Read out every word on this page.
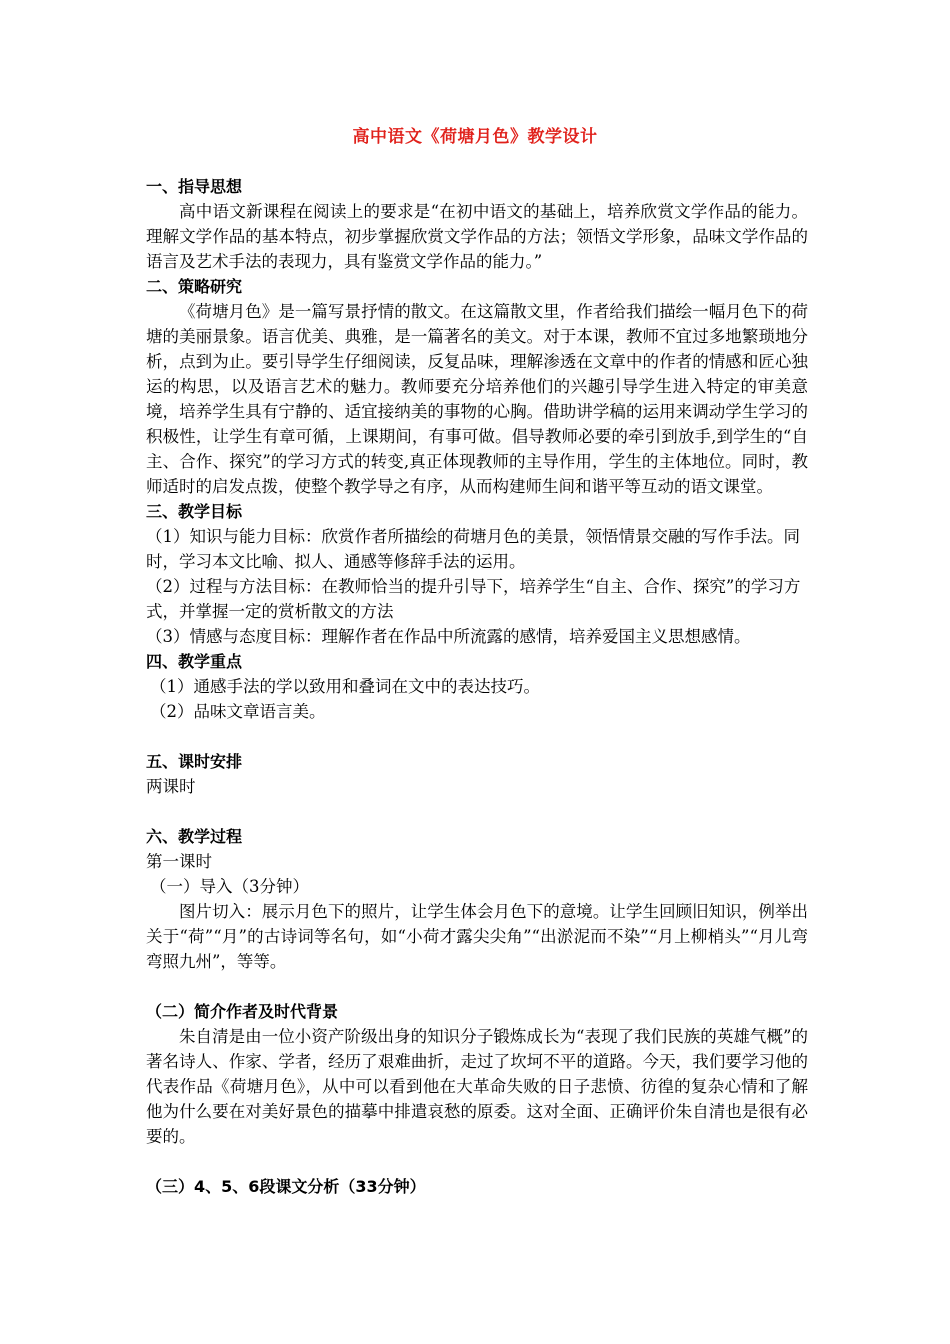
高中语文《荷塘月色》教学设计
一、指导思想
高中语文新课程在阅读上的要求是“在初中语文的基础上，培养欣赏文学作品的能力。理解文学作品的基本特点，初步掌握欣赏文学作品的方法；领悟文学形象，品味文学作品的语言及艺术手法的表现力，具有鉴赏文学作品的能力。”
二、策略研究
《荷塘月色》是一篇写景抒情的散文。在这篇散文里，作者给我们描绘一幅月色下的荷塘的美丽景象。语言优美、典雅，是一篇著名的美文。对于本课，教师不宜过多地繁琐地分析，点到为止。要引导学生仔细阅读，反复品味，理解渗透在文章中的作者的情感和匠心独运的构思，以及语言艺术的魅力。教师要充分培养他们的兴趣引导学生进入特定的审美意境，培养学生具有宁静的、适宜接纳美的事物的心胸。借助讲学稿的运用来调动学生学习的积极性，让学生有章可循，上课期间，有事可做。倡导教师必要的牵引到放手,到学生的“自主、合作、探究”的学习方式的转变,真正体现教师的主导作用，学生的主体地位。同时，教师适时的启发点拨，使整个教学导之有序，从而构建师生间和谐平等互动的语文课堂。
三、教学目标
（1）知识与能力目标：欣赏作者所描绘的荷塘月色的美景，领悟情景交融的写作手法。同时，学习本文比喻、拟人、通感等修辞手法的运用。
（2）过程与方法目标：在教师恰当的提升引导下，培养学生“自主、合作、探究”的学习方式，并掌握一定的赏析散文的方法
（3）情感与态度目标：理解作者在作品中所流露的感情，培养爱国主义思想感情。
四、教学重点
（1）通感手法的学以致用和叠词在文中的表达技巧。
（2）品味文章语言美。
五、课时安排
两课时
六、教学过程
第一课时
（一）导入（3分钟）
图片切入：展示月色下的照片，让学生体会月色下的意境。让学生回顾旧知识，例举出关于“荷”“月”的古诗词等名句，如“小荷才露尖尖角”“出淤泥而不染”“月上柳梢头”“月儿弯弯照九州”，等等。
（二）简介作者及时代背景
朱自清是由一位小资产阶级出身的知识分子锻炼成长为“表现了我们民族的英雄气概”的著名诗人、作家、学者，经历了艰难曲折，走过了坎坷不平的道路。今天，我们要学习他的代表作品《荷塘月色》，从中可以看到他在大革命失败的日子悲愤、彷徨的复杂心情和了解他为什么要在对美好景色的描摹中排遣哀愁的原委。这对全面、正确评价朱自清也是很有必要的。
（三）4、5、6段课文分析（33分钟）
